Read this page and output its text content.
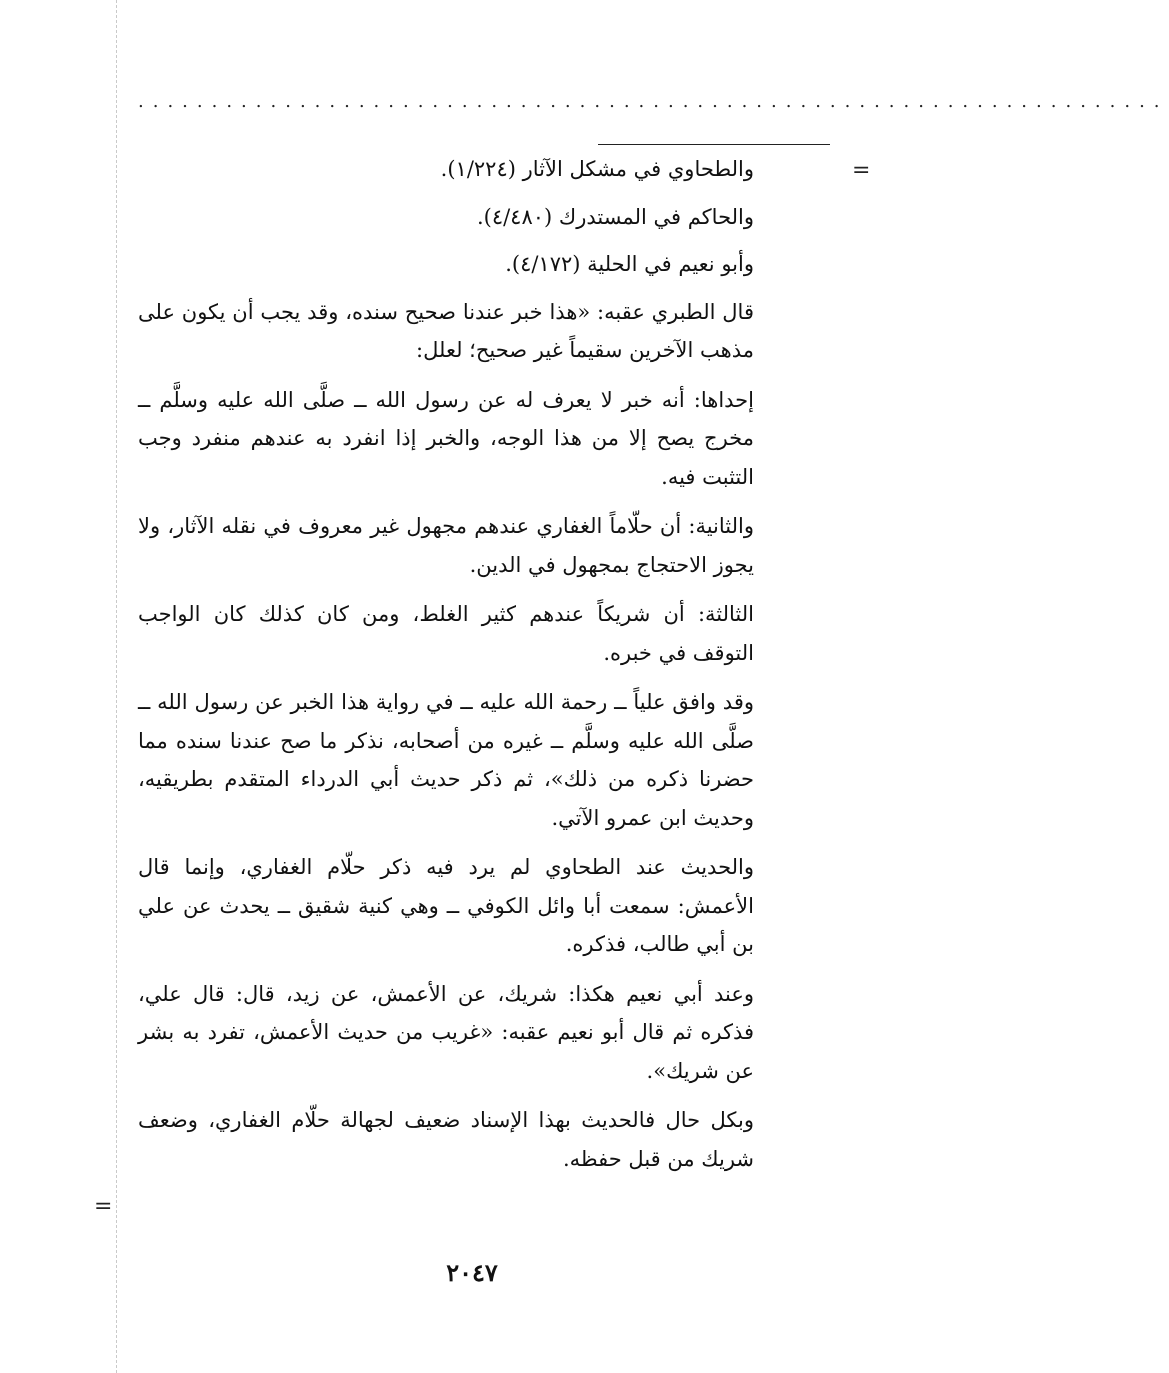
......................................................................
=

والطحاوي في مشكل الآثار (١/٢٢٤).

والحاكم في المستدرك (٤/٤٨٠).

وأبو نعيم في الحلية (٤/١٧٢).

قال الطبري عقبه: «هذا خبر عندنا صحيح سنده، وقد يجب أن يكون على مذهب الآخرين سقيماً غير صحيح؛ لعلل:

إحداها: أنه خبر لا يعرف له عن رسول الله ــ صلَّى الله عليه وسلَّم ــ مخرج يصح إلا من هذا الوجه، والخبر إذا انفرد به عندهم منفرد وجب التثبت فيه.

والثانية: أن حلّاماً الغفاري عندهم مجهول غير معروف في نقله الآثار، ولا يجوز الاحتجاج بمجهول في الدين.

الثالثة: أن شريكاً عندهم كثير الغلط، ومن كان كذلك كان الواجب التوقف في خبره.

وقد وافق علياً ــ رحمة الله عليه ــ في رواية هذا الخبر عن رسول الله ــ صلَّى الله عليه وسلَّم ــ غيره من أصحابه، نذكر ما صح عندنا سنده مما حضرنا ذكره من ذلك»، ثم ذكر حديث أبي الدرداء المتقدم بطريقيه، وحديث ابن عمرو الآتي.

والحديث عند الطحاوي لم يرد فيه ذكر حلّام الغفاري، وإنما قال الأعمش: سمعت أبا وائل الكوفي ــ وهي كنية شقيق ــ يحدث عن علي بن أبي طالب، فذكره.

وعند أبي نعيم هكذا: شريك، عن الأعمش، عن زيد، قال: قال علي، فذكره ثم قال أبو نعيم عقبه: «غريب من حديث الأعمش، تفرد به بشر عن شريك».

وبكل حال فالحديث بهذا الإسناد ضعيف لجهالة حلّام الغفاري، وضعف شريك من قبل حفظه.

=
٢٠٤٧
